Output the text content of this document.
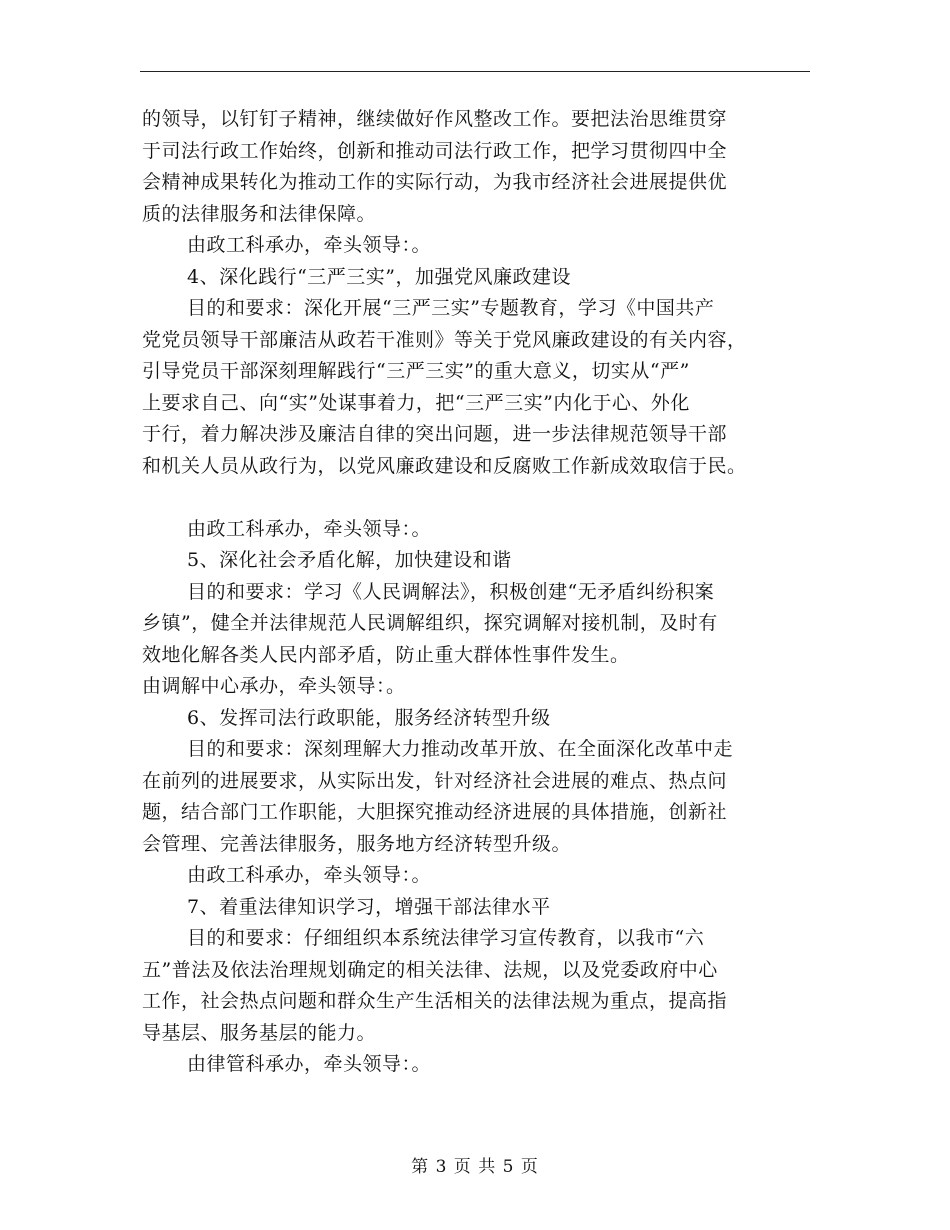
的领导，以钉钉子精神，继续做好作风整改工作。要把法治思维贯穿
于司法行政工作始终，创新和推动司法行政工作，把学习贯彻四中全
会精神成果转化为推动工作的实际行动，为我市经济社会进展提供优
质的法律服务和法律保障。
由政工科承办，牵头领导：。
4、深化践行“三严三实”，加强党风廉政建设
目的和要求：深化开展“三严三实”专题教育，学习《中国共产
党党员领导干部廉洁从政若干准则》等关于党风廉政建设的有关内容，
引导党员干部深刻理解践行“三严三实”的重大意义，切实从“严”
上要求自己、向“实”处谋事着力，把“三严三实”内化于心、外化
于行，着力解决涉及廉洁自律的突出问题，进一步法律规范领导干部
和机关人员从政行为，以党风廉政建设和反腐败工作新成效取信于民。
由政工科承办，牵头领导：。
5、深化社会矛盾化解，加快建设和谐
目的和要求：学习《人民调解法》，积极创建“无矛盾纠纷积案
乡镇”，健全并法律规范人民调解组织，探究调解对接机制，及时有
效地化解各类人民内部矛盾，防止重大群体性事件发生。
由调解中心承办，牵头领导：。
6、发挥司法行政职能，服务经济转型升级
目的和要求：深刻理解大力推动改革开放、在全面深化改革中走
在前列的进展要求，从实际出发，针对经济社会进展的难点、热点问
题，结合部门工作职能，大胆探究推动经济进展的具体措施，创新社
会管理、完善法律服务，服务地方经济转型升级。
由政工科承办，牵头领导：。
7、着重法律知识学习，增强干部法律水平
目的和要求：仔细组织本系统法律学习宣传教育，以我市“六
五”普法及依法治理规划确定的相关法律、法规，以及党委政府中心
工作，社会热点问题和群众生产生活相关的法律法规为重点，提高指
导基层、服务基层的能力。
由律管科承办，牵头领导：。
第 3 页 共 5 页
